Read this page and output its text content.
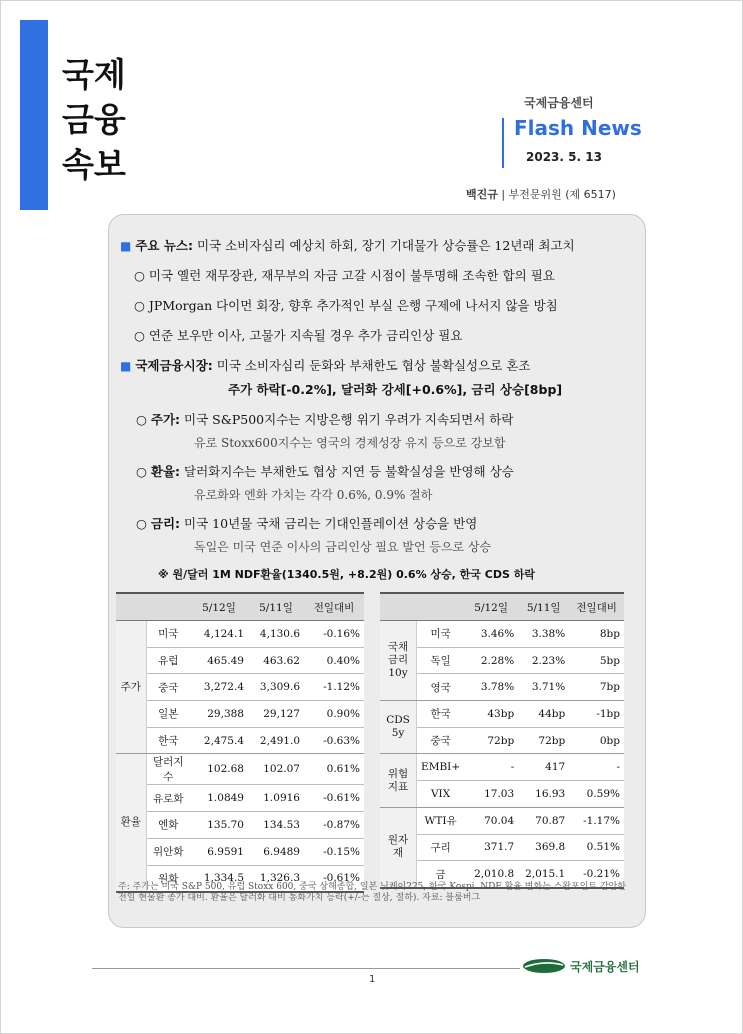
국제
금융
속보
국제금융센터
Flash News
2023. 5. 13
백진규 | 부전문위원 (제 6517)
■ 주요 뉴스: 미국 소비자심리 예상치 하회, 장기 기대물가 상승률은 12년래 최고치
○ 미국 옐런 재무장관, 재무부의 자금 고갈 시점이 불투명해 조속한 합의 필요
○ JPMorgan 다이먼 회장, 향후 추가적인 부실 은행 구제에 나서지 않을 방침
○ 연준 보우만 이사, 고물가 지속될 경우 추가 금리인상 필요
■ 국제금융시장: 미국 소비자심리 둔화와 부채한도 협상 불확실성으로 혼조
주가 하락[-0.2%], 달러화 강세[+0.6%], 금리 상승[8bp]
○ 주가: 미국 S&P500지수는 지방은행 위기 우려가 지속되면서 하락
유로 Stoxx600지수는 영국의 경제성장 유지 등으로 강보합
○ 환율: 달러화지수는 부채한도 협상 지연 등 불확실성을 반영해 상승
유로화와 엔화 가치는 각각 0.6%, 0.9% 절하
○ 금리: 미국 10년물 국채 금리는 기대인플레이션 상승을 반영
독일은 미국 연준 이사의 금리인상 필요 발언 등으로 상승
※ 원/달러 1M NDF환율(1340.5원, +8.2원) 0.6% 상승, 한국 CDS 하락
		5/12일	5/11일	전일대비
주가	미국	4,124.1	4,130.6	-0.16%
	유럽	465.49	463.62	0.40%
	중국	3,272.4	3,309.6	-1.12%
	일본	29,388	29,127	0.90%
	한국	2,475.4	2,491.0	-0.63%
환율	달러지수	102.68	102.07	0.61%
	유로화	1.0849	1.0916	-0.61%
	엔화	135.70	134.53	-0.87%
	위안화	6.9591	6.9489	-0.15%
	원화	1,334.5	1,326.3	-0.61%
		5/12일	5/11일	전일대비
국채 금리 10y	미국	3.46%	3.38%	8bp
	독일	2.28%	2.23%	5bp
	영국	3.78%	3.71%	7bp
CDS 5y	한국	43bp	44bp	-1bp
	중국	72bp	72bp	0bp
위험 지표	EMBI+	-	417	-
	VIX	17.03	16.93	0.59%
원자재	WTI유	70.04	70.87	-1.17%
	구리	371.7	369.8	0.51%
	금	2,010.8	2,015.1	-0.21%
주: 주가는 미국 S&P 500, 유럽 Stoxx 600, 중국 상해종합, 일본 닛케이225, 한국 Kospi. NDF 환율 변화는 스왑포인트 감안한 전일 현물환 종가 대비. 환율은 달러화 대비 통화가치 등락(+/-는 절상, 절하). 자료: 블룸버그
1
국제금융센터
